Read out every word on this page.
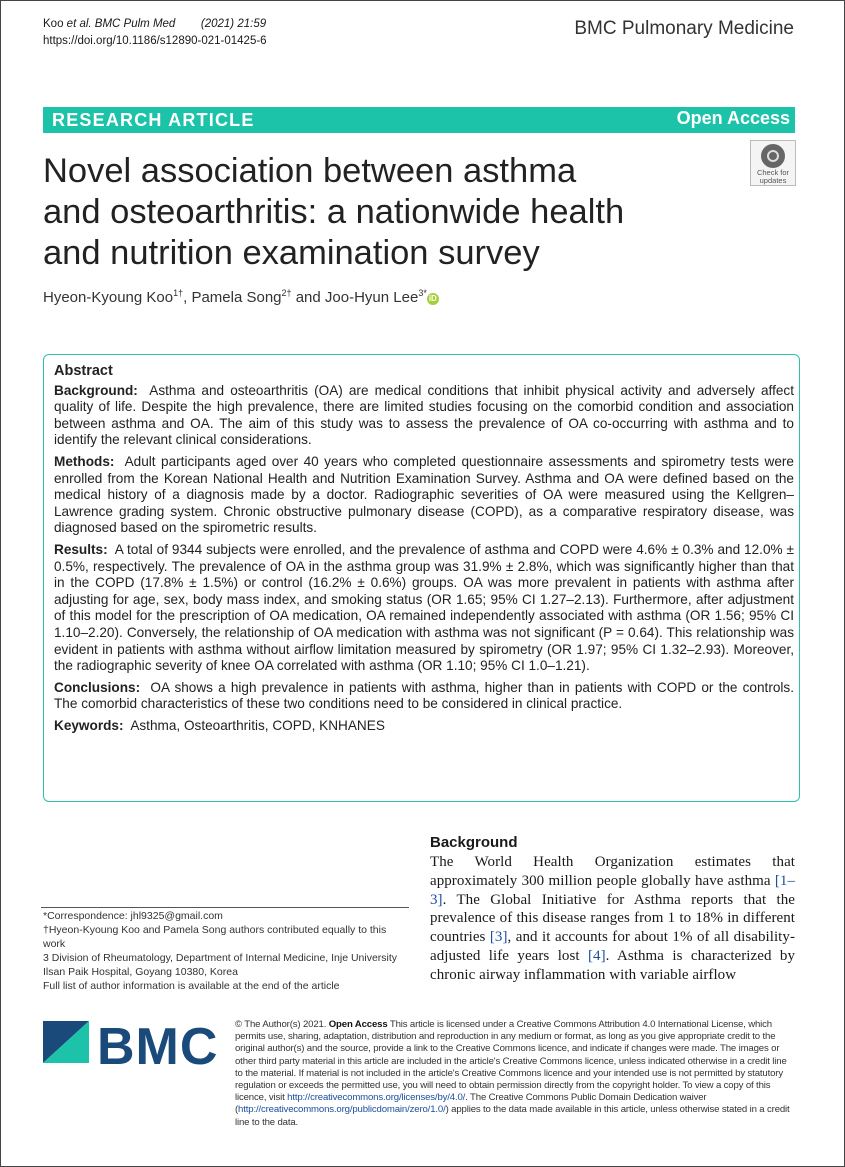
Koo et al. BMC Pulm Med (2021) 21:59
https://doi.org/10.1186/s12890-021-01425-6
BMC Pulmonary Medicine
RESEARCH ARTICLE	Open Access
Check for
updates
Novel association between asthma
and osteoarthritis: a nationwide health
and nutrition examination survey
Hyeon-Kyoung Koo$^{1\dagger}$, Pamela Song$^{2\dagger}$ and Joo-Hyun Lee$^{3*}$iD
Abstract

Background: Asthma and osteoarthritis (OA) are medical conditions that inhibit physical activity and adversely affect quality of life. Despite the high prevalence, there are limited studies focusing on the comorbid condition and association between asthma and OA. The aim of this study was to assess the prevalence of OA co-occurring with asthma and to identify the relevant clinical considerations.

Methods: Adult participants aged over 40 years who completed questionnaire assessments and spirometry tests were enrolled from the Korean National Health and Nutrition Examination Survey. Asthma and OA were defined based on the medical history of a diagnosis made by a doctor. Radiographic severities of OA were measured using the Kellgren–Lawrence grading system. Chronic obstructive pulmonary disease (COPD), as a comparative respiratory disease, was diagnosed based on the spirometric results.

Results: A total of 9344 subjects were enrolled, and the prevalence of asthma and COPD were 4.6% ± 0.3% and 12.0% ± 0.5%, respectively. The prevalence of OA in the asthma group was 31.9% ± 2.8%, which was significantly higher than that in the COPD (17.8% ± 1.5%) or control (16.2% ± 0.6%) groups. OA was more prevalent in patients with asthma after adjusting for age, sex, body mass index, and smoking status (OR 1.65; 95% CI 1.27–2.13). Furthermore, after adjustment of this model for the prescription of OA medication, OA remained independently associated with asthma (OR 1.56; 95% CI 1.10–2.20). Conversely, the relationship of OA medication with asthma was not significant (P = 0.64). This relationship was evident in patients with asthma without airflow limitation measured by spirometry (OR 1.97; 95% CI 1.32–2.93). Moreover, the radiographic severity of knee OA correlated with asthma (OR 1.10; 95% CI 1.0–1.21).

Conclusions: OA shows a high prevalence in patients with asthma, higher than in patients with COPD or the controls. The comorbid characteristics of these two conditions need to be considered in clinical practice.

Keywords: Asthma, Osteoarthritis, COPD, KNHANES

*Correspondence: jhl9325@gmail.com
†Hyeon-Kyoung Koo and Pamela Song authors contributed equally to this work
3 Division of Rheumatology, Department of Internal Medicine, Inje University Ilsan Paik Hospital, Goyang 10380, Korea
Full list of author information is available at the end of the article
Background

The World Health Organization estimates that approximately 300 million people globally have asthma [1–3]. The Global Initiative for Asthma reports that the prevalence of this disease ranges from 1 to 18% in different countries [3], and it accounts for about 1% of all disability-adjusted life years lost [4]. Asthma is characterized by chronic airway inflammation with variable airflow

BMC © The Author(s) 2021. Open Access This article is licensed under a Creative Commons Attribution 4.0 International License, which permits use, sharing, adaptation, distribution and reproduction in any medium or format, as long as you give appropriate credit to the original author(s) and the source, provide a link to the Creative Commons licence, and indicate if changes were made. The images or other third party material in this article are included in the article's Creative Commons licence, unless indicated otherwise in a credit line to the material. If material is not included in the article's Creative Commons licence and your intended use is not permitted by statutory regulation or exceeds the permitted use, you will need to obtain permission directly from the copyright holder. To view a copy of this licence, visit http://creativecommons.org/licenses/by/4.0/. The Creative Commons Public Domain Dedication waiver (http://creativecommons.org/publicdomain/zero/1.0/) applies to the data made available in this article, unless otherwise stated in a credit line to the data.
